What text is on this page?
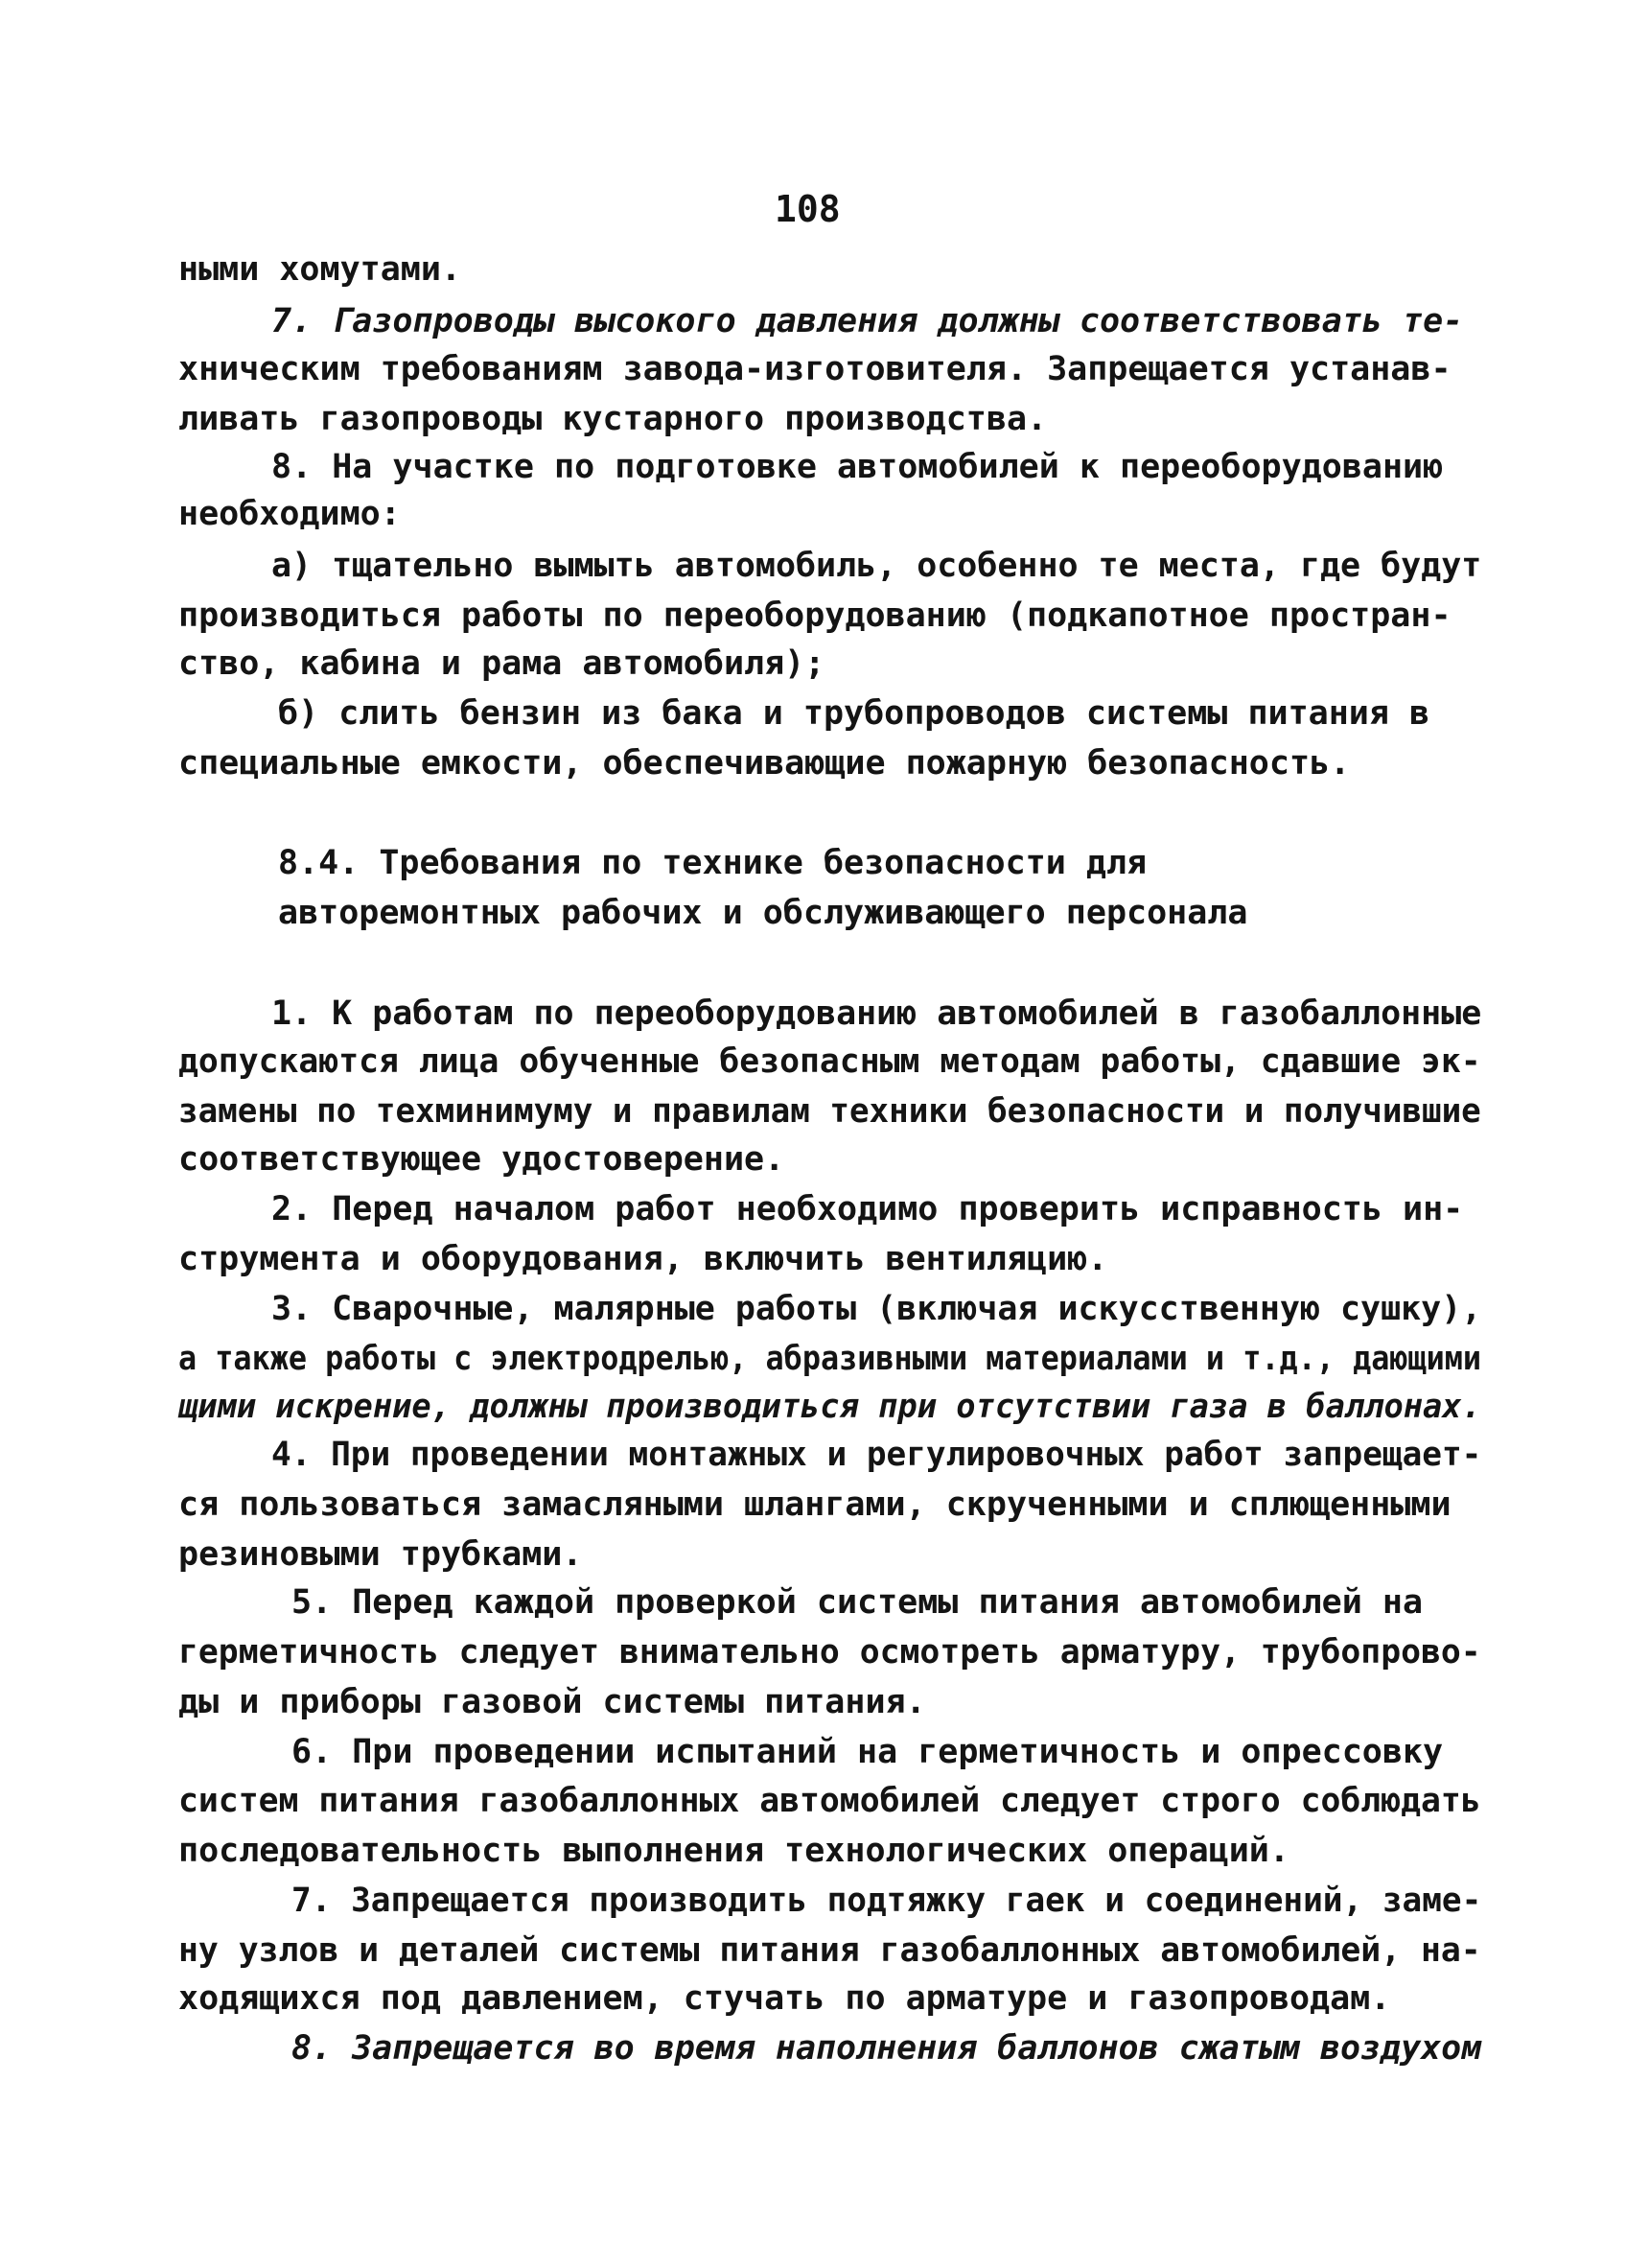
108
ными хомутами.
7. Газопроводы высокого давления должны соответствовать те-
хническим требованиям завода-изготовителя. Запрещается устанав-
ливать газопроводы кустарного производства.
8. На участке по подготовке автомобилей к переоборудованию
необходимо:
а) тщательно вымыть автомобиль, особенно те места, где будут
производиться работы по переоборудованию (подкапотное простран-
ство, кабина и рама автомобиля);
б) слить бензин из бака и трубопроводов системы питания в
специальные емкости, обеспечивающие пожарную безопасность.
8.4. Требования по технике безопасности для
авторемонтных рабочих и обслуживающего персонала
1. К работам по переоборудованию автомобилей в газобаллонные
допускаются лица обученные безопасным методам работы, сдавшие эк-
замены по техминимуму и правилам техники безопасности и получившие
соответствующее удостоверение.
2. Перед началом работ необходимо проверить исправность ин-
струмента и оборудования, включить вентиляцию.
3. Сварочные, малярные работы (включая искусственную сушку),
а также работы с электродрелью, абразивными материалами и т.д., дающими
щими искрение, должны производиться при отсутствии газа в баллонах.
4. При проведении монтажных и регулировочных работ запрещает-
ся пользоваться замасляными шлангами, скрученными и сплющенными
резиновыми трубками.
5. Перед каждой проверкой системы питания автомобилей на
герметичность следует внимательно осмотреть арматуру, трубопрово-
ды и приборы газовой системы питания.
6. При проведении испытаний на герметичность и опрессовку
систем питания газобаллонных автомобилей следует строго соблюдать
последовательность выполнения технологических операций.
7. Запрещается производить подтяжку гаек и соединений, заме-
ну узлов и деталей системы питания газобаллонных автомобилей, на-
ходящихся под давлением, стучать по арматуре и газопроводам.
8. Запрещается во время наполнения баллонов сжатым воздухом
